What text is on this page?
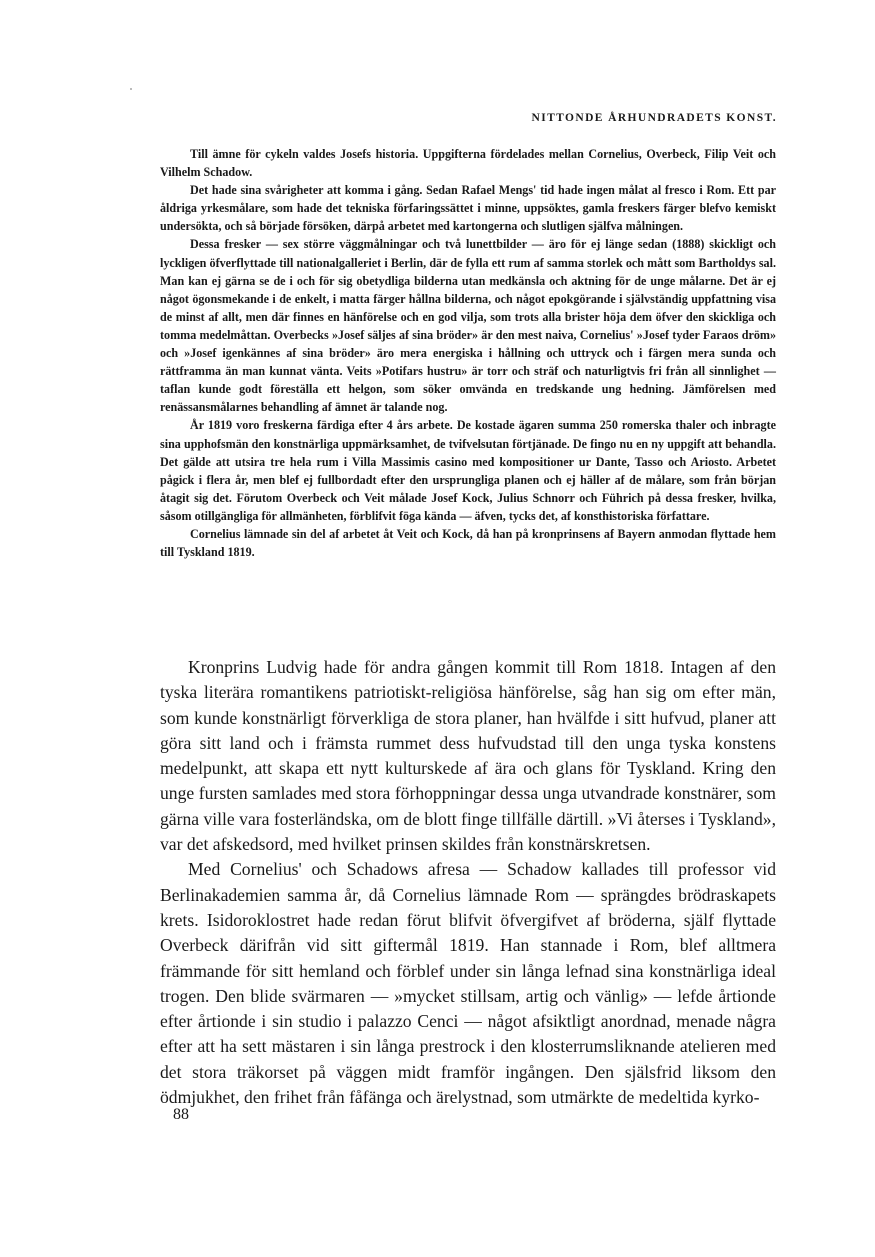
NITTONDE ÅRHUNDRADETS KONST.

Till ämne för cykeln valdes Josefs historia. Uppgifterna fördelades mellan Cornelius, Overbeck, Filip Veit och Vilhelm Schadow.

Det hade sina svårigheter att komma i gång. Sedan Rafael Mengs' tid hade ingen målat al fresco i Rom. Ett par åldriga yrkesmålare, som hade det tekniska förfaringssättet i minne, uppsöktes, gamla freskers färger blefvo kemiskt undersökta, och så började försöken, därpå arbetet med kartongerna och slutligen själfva målningen.

Dessa fresker — sex större väggmålningar och två lunettbilder — äro för ej länge sedan (1888) skickligt och lyckligen öfverflyttade till nationalgalleriet i Berlin, där de fylla ett rum af samma storlek och mått som Bartholdys sal. Man kan ej gärna se de i och för sig obetydliga bilderna utan medkänsla och aktning för de unge målarne. Det är ej något ögonsmekande i de enkelt, i matta färger hållna bilderna, och något epokgörande i självständig uppfattning visa de minst af allt, men där finnes en hänförelse och en god vilja, som trots alla brister höja dem öfver den skickliga och tomma medelmåttan. Overbecks »Josef säljes af sina bröder» är den mest naiva, Cornelius' »Josef tyder Faraos dröm» och »Josef igenkännes af sina bröder» äro mera energiska i hållning och uttryck och i färgen mera sunda och rättframma än man kunnat vänta. Veits »Potifars hustru» är torr och sträf och naturligtvis fri från all sinnlighet — taflan kunde godt föreställa ett helgon, som söker omvända en tredskande ung hedning. Jämförelsen med renässansmålarnes behandling af ämnet är talande nog.

År 1819 voro freskerna färdiga efter 4 års arbete. De kostade ägaren summa 250 romerska thaler och inbragte sina upphofsmän den konstnärliga uppmärksamhet, de tvifvelsutan förtjänade. De fingo nu en ny uppgift att behandla. Det gälde att utsira tre hela rum i Villa Massimis casino med kompositioner ur Dante, Tasso och Ariosto. Arbetet pågick i flera år, men blef ej fullbordadt efter den ursprungliga planen och ej häller af de målare, som från början åtagit sig det. Förutom Overbeck och Veit målade Josef Kock, Julius Schnorr och Führich på dessa fresker, hvilka, såsom otillgängliga för allmänheten, förblifvit föga kända — äfven, tycks det, af konsthistoriska författare.

Cornelius lämnade sin del af arbetet åt Veit och Kock, då han på kronprinsens af Bayern anmodan flyttade hem till Tyskland 1819.

Kronprins Ludvig hade för andra gången kommit till Rom 1818. Intagen af den tyska literära romantikens patriotiskt-religiösa hänförelse, såg han sig om efter män, som kunde konstnärligt förverkliga de stora planer, han hvälfde i sitt hufvud, planer att göra sitt land och i främsta rummet dess hufvudstad till den unga tyska konstens medelpunkt, att skapa ett nytt kulturskede af ära och glans för Tyskland. Kring den unge fursten samlades med stora förhoppningar dessa unga utvandrade konstnärer, som gärna ville vara fosterländska, om de blott finge tillfälle därtill. »Vi återses i Tyskland», var det afskedsord, med hvilket prinsen skildes från konstnärskretsen.

Med Cornelius' och Schadows afresa — Schadow kallades till professor vid Berlinakademien samma år, då Cornelius lämnade Rom — sprängdes brödraskapets krets. Isidoroklostret hade redan förut blifvit öfvergifvet af bröderna, själf flyttade Overbeck därifrån vid sitt giftermål 1819. Han stannade i Rom, blef alltmera främmande för sitt hemland och förblef under sin långa lefnad sina konstnärliga ideal trogen. Den blide svärmaren — »mycket stillsam, artig och vänlig» — lefde årtionde efter årtionde i sin studio i palazzo Cenci — något afsiktligt anordnad, menade några efter att ha sett mästaren i sin långa prestrock i den klosterrumsliknande atelieren med det stora träkorset på väggen midt framför ingången. Den själsfrid liksom den ödmjukhet, den frihet från fåfänga och ärelystnad, som utmärkte de medeltida kyrko-

88
